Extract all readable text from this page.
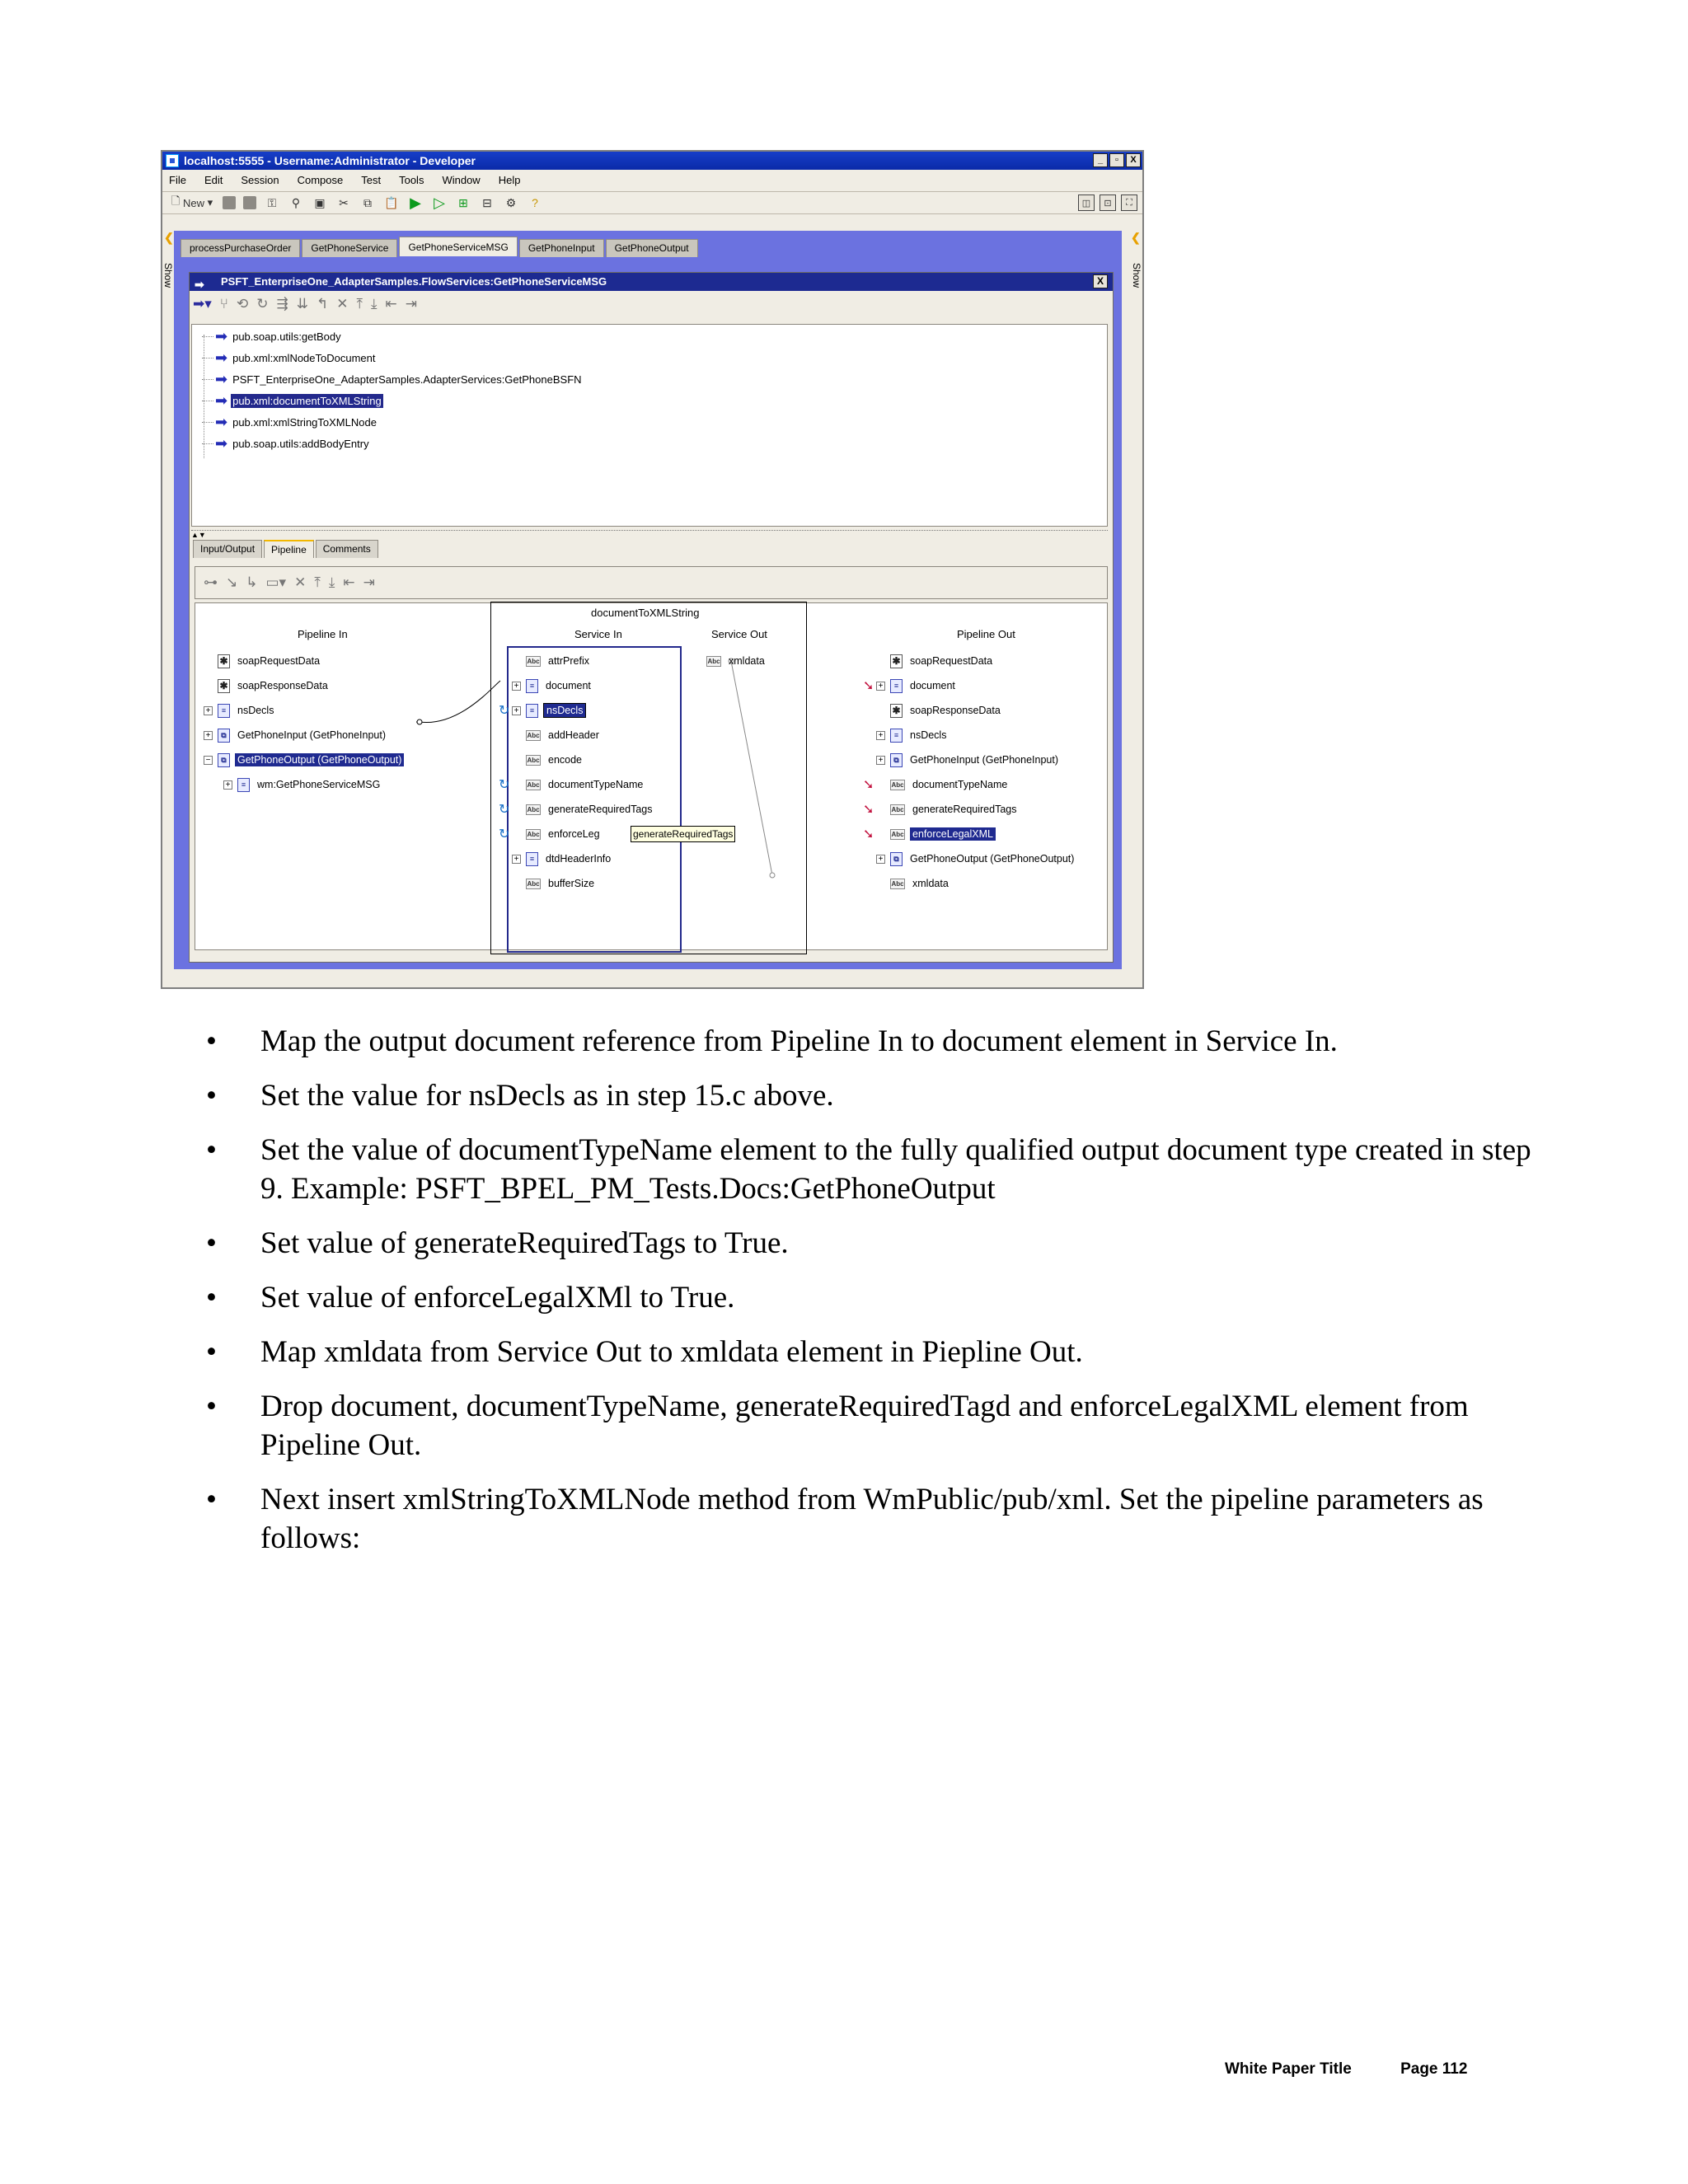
localhost:5555 - Username:Administrator - Developer	_	▫	X
File Edit Session Compose Test Tools Window Help
🗋
New ▾	⚿	⚲	▣ ✂	⧉	📋 ▶ ▷ ⊞ ⊟ ⚙	?	◫	⊡	⛶
❮	❮
Show	Show
processPurchaseOrder	GetPhoneService	GetPhoneServiceMSG	GetPhoneInput	GetPhoneOutput
➡ PSFT_EnterpriseOne_AdapterSamples.FlowServices:GetPhoneServiceMSG	X
➡▾ ⑂ ⟲ ↻ ⇶ ⇊ ↰ ✕ ⤒ ⤓ ⇤ ⇥
➡ pub.soap.utils:getBody
➡ pub.xml:xmlNodeToDocument
➡ PSFT_EnterpriseOne_AdapterSamples.AdapterServices:GetPhoneBSFN
➡ pub.xml:documentToXMLString
➡ pub.xml:xmlStringToXMLNode
➡ pub.soap.utils:addBodyEntry
▲▼
Input/Output	Pipeline	Comments
⊶ ↘ ↳ ▭▾ ✕ ⤒ ⤓ ⇤ ⇥
documentToXMLString
Pipeline In	Service In	Service Out	Pipeline Out
✱ soapRequestData
✱ soapResponseData
+	≡	nsDecls
+	⧉	GetPhoneInput (GetPhoneInput)
−	⧉	GetPhoneOutput (GetPhoneOutput)
+	≡	wm:GetPhoneServiceMSG
Abc attrPrefix
+	≡	document
↻ +	≡	nsDecls
Abc addHeader
Abc encode
↻	Abc documentTypeName
↻	Abc generateRequiredTags
↻	Abc enforceLeg
+	≡	dtdHeaderInfo
Abc bufferSize
generateRequiredTags
Abc xmldata	✱ soapRequestData
➘ +	≡	document
✱ soapResponseData
+	≡	nsDecls
+	⧉	GetPhoneInput (GetPhoneInput)
➘	Abc documentTypeName
➘	Abc generateRequiredTags
➘	Abc enforceLegalXML
+	⧉	GetPhoneOutput (GetPhoneOutput)
Abc xmldata
• Map the output document reference from Pipeline In to document element in Service In.
• Set the value for nsDecls as in step 15.c above.
• Set the value of documentTypeName element to the fully qualified output document type created in step 9. Example: PSFT_BPEL_PM_Tests.Docs:GetPhoneOutput
• Set value of generateRequiredTags to True.
• Set value of enforceLegalXMl to True.
• Map xmldata from Service Out to xmldata element in Piepline Out.
• Drop document, documentTypeName, generateRequiredTagd and enforceLegalXML element from Pipeline Out.
• Next insert xmlStringToXMLNode method from WmPublic/pub/xml. Set the pipeline parameters as follows:
White Paper Title	Page 112
